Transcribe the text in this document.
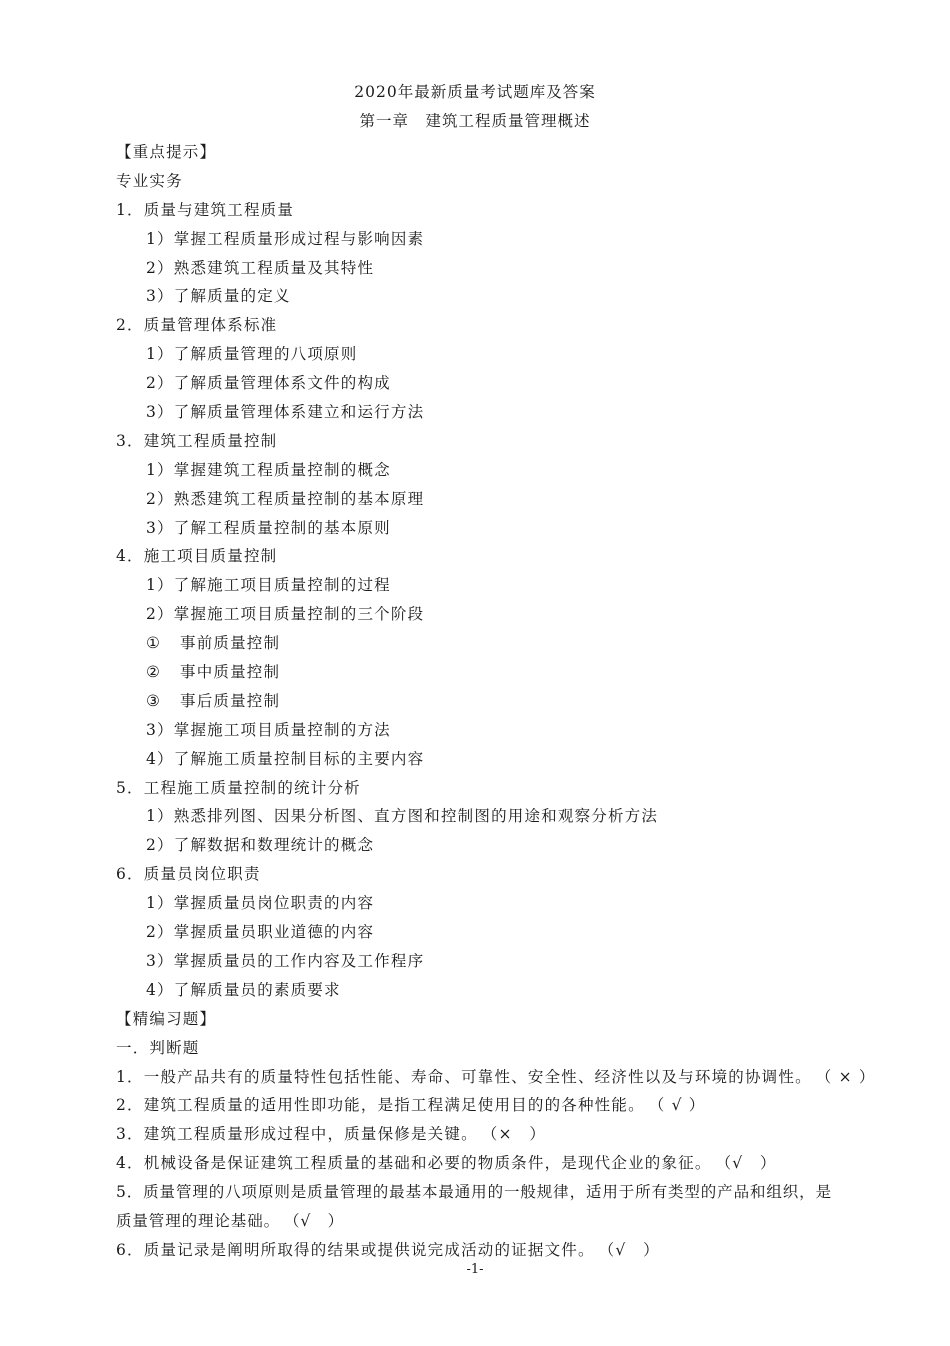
2020年最新质量考试题库及答案
第一章　建筑工程质量管理概述
【重点提示】
专业实务
1．质量与建筑工程质量
1）掌握工程质量形成过程与影响因素
2）熟悉建筑工程质量及其特性
3）了解质量的定义
2．质量管理体系标准
1）了解质量管理的八项原则
2）了解质量管理体系文件的构成
3）了解质量管理体系建立和运行方法
3．建筑工程质量控制
1）掌握建筑工程质量控制的概念
2）熟悉建筑工程质量控制的基本原理
3）了解工程质量控制的基本原则
4．施工项目质量控制
1）了解施工项目质量控制的过程
2）掌握施工项目质量控制的三个阶段
① 事前质量控制
② 事中质量控制
③ 事后质量控制
3）掌握施工项目质量控制的方法
4）了解施工质量控制目标的主要内容
5．工程施工质量控制的统计分析
1）熟悉排列图、因果分析图、直方图和控制图的用途和观察分析方法
2）了解数据和数理统计的概念
6．质量员岗位职责
1）掌握质量员岗位职责的内容
2）掌握质量员职业道德的内容
3）掌握质量员的工作内容及工作程序
4）了解质量员的素质要求
【精编习题】
一．判断题
1．一般产品共有的质量特性包括性能、寿命、可靠性、安全性、经济性以及与环境的协调性。 （ × ）
2．建筑工程质量的适用性即功能，是指工程满足使用目的的各种性能。 （ √ ）
3．建筑工程质量形成过程中，质量保修是关键。 （×　）
4．机械设备是保证建筑工程质量的基础和必要的物质条件，是现代企业的象征。 （√　）
5．质量管理的八项原则是质量管理的最基本最通用的一般规律，适用于所有类型的产品和组织，是质量管理的理论基础。 （√　）
6．质量记录是阐明所取得的结果或提供说完成活动的证据文件。 （√　）
-1-
